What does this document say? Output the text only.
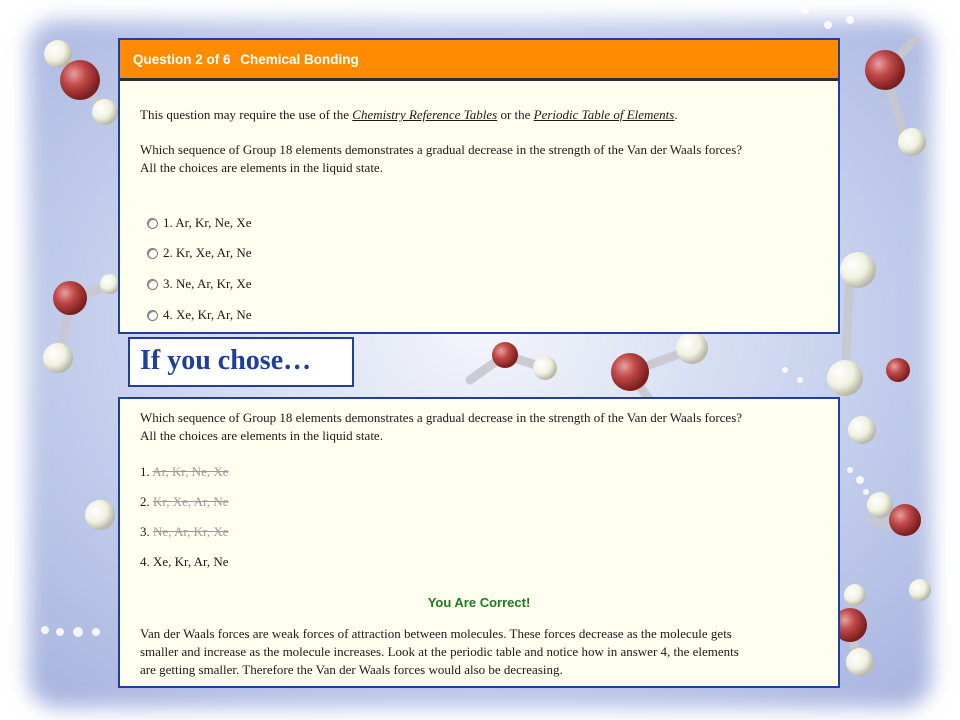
Question 2 of 6 Chemical Bonding
This question may require the use of the Chemistry Reference Tables or the Periodic Table of Elements.
Which sequence of Group 18 elements demonstrates a gradual decrease in the strength of the Van der Waals forces?
All the choices are elements in the liquid state.
1. Ar, Kr, Ne, Xe
2. Kr, Xe, Ar, Ne
3. Ne, Ar, Kr, Xe
4. Xe, Kr, Ar, Ne
If you chose…
Which sequence of Group 18 elements demonstrates a gradual decrease in the strength of the Van der Waals forces?
All the choices are elements in the liquid state.
1. Ar, Kr, Ne, Xe
2. Kr, Xe, Ar, Ne
3. Ne, Ar, Kr, Xe
4. Xe, Kr, Ar, Ne
You Are Correct!
Van der Waals forces are weak forces of attraction between molecules. These forces decrease as the molecule gets
smaller and increase as the molecule increases. Look at the periodic table and notice how in answer 4, the elements
are getting smaller. Therefore the Van der Waals forces would also be decreasing.
